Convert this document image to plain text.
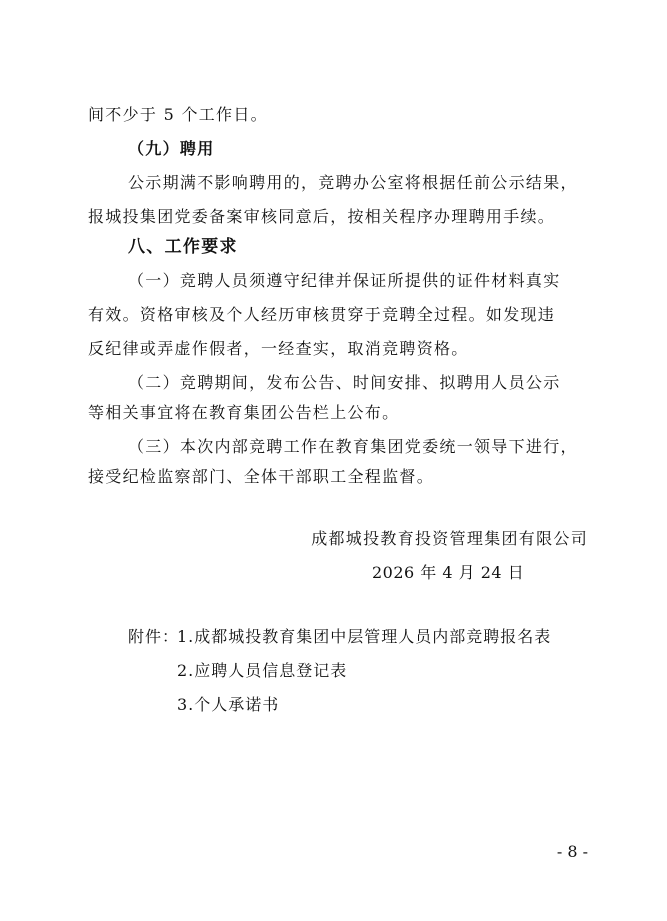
间不少于 5 个工作日。
（九）聘用
公示期满不影响聘用的，竞聘办公室将根据任前公示结果，
报城投集团党委备案审核同意后，按相关程序办理聘用手续。
八、工作要求
（一）竞聘人员须遵守纪律并保证所提供的证件材料真实
有效。资格审核及个人经历审核贯穿于竞聘全过程。如发现违
反纪律或弄虚作假者，一经查实，取消竞聘资格。
（二）竞聘期间，发布公告、时间安排、拟聘用人员公示
等相关事宜将在教育集团公告栏上公布。
（三）本次内部竞聘工作在教育集团党委统一领导下进行，
接受纪检监察部门、全体干部职工全程监督。
成都城投教育投资管理集团有限公司
2026 年 4 月 24 日
附件：
1.成都城投教育集团中层管理人员内部竞聘报名表
2.应聘人员信息登记表
3.个人承诺书
- 8 -
